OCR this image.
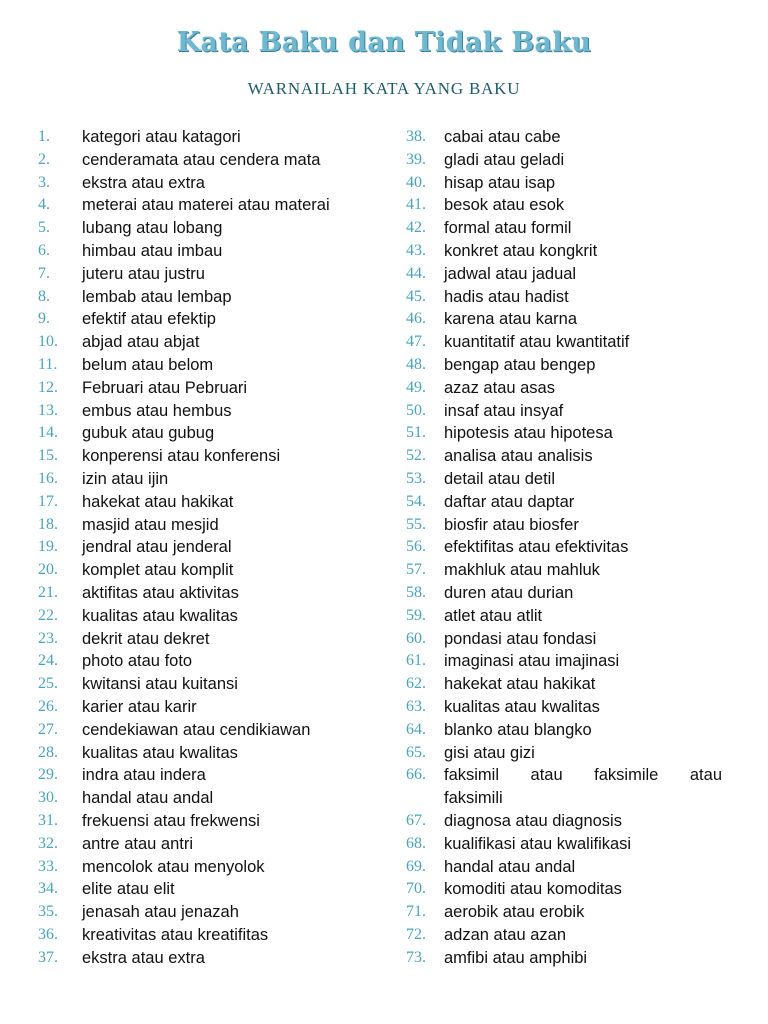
Kata Baku dan Tidak Baku
WARNAILAH KATA YANG BAKU
1.	kategori atau katagori
2.	cenderamata atau cendera mata
3.	ekstra atau extra
4.	meterai atau materei atau materai
5.	lubang atau lobang
6.	himbau atau imbau
7.	juteru atau justru
8.	lembab atau lembap
9.	efektif atau efektip
10.	abjad atau abjat
11.	belum atau belom
12.	Februari atau Pebruari
13.	embus atau hembus
14.	gubuk atau gubug
15.	konperensi atau konferensi
16.	izin atau ijin
17.	hakekat atau hakikat
18.	masjid atau mesjid
19.	jendral atau jenderal
20.	komplet atau komplit
21.	aktifitas atau aktivitas
22.	kualitas atau kwalitas
23.	dekrit atau dekret
24.	photo atau foto
25.	kwitansi atau kuitansi
26.	karier atau karir
27.	cendekiawan atau cendikiawan
28.	kualitas atau kwalitas
29.	indra atau indera
30.	handal atau andal
31.	frekuensi atau frekwensi
32.	antre atau antri
33.	mencolok atau menyolok
34.	elite atau elit
35.	jenasah atau jenazah
36.	kreativitas atau kreatifitas
37.	ekstra atau extra
38.	cabai atau cabe
39.	gladi atau geladi
40.	hisap atau isap
41.	besok atau esok
42.	formal atau formil
43.	konkret atau kongkrit
44.	jadwal atau jadual
45.	hadis atau hadist
46.	karena atau karna
47.	kuantitatif atau kwantitatif
48.	bengap atau bengep
49.	azaz atau asas
50.	insaf atau insyaf
51.	hipotesis atau hipotesa
52.	analisa atau analisis
53.	detail atau detil
54.	daftar atau daptar
55.	biosfir atau biosfer
56.	efektifitas atau efektivitas
57.	makhluk atau mahluk
58.	duren atau durian
59.	atlet atau atlit
60.	pondasi atau fondasi
61.	imaginasi atau imajinasi
62.	hakekat atau hakikat
63.	kualitas atau kwalitas
64.	blanko atau blangko
65.	gisi atau gizi
66.	faksimil atau faksimile atau
faksimili
67.	diagnosa atau diagnosis
68.	kualifikasi atau kwalifikasi
69.	handal atau andal
70.	komoditi atau komoditas
71.	aerobik atau erobik
72.	adzan atau azan
73.	amfibi atau amphibi
